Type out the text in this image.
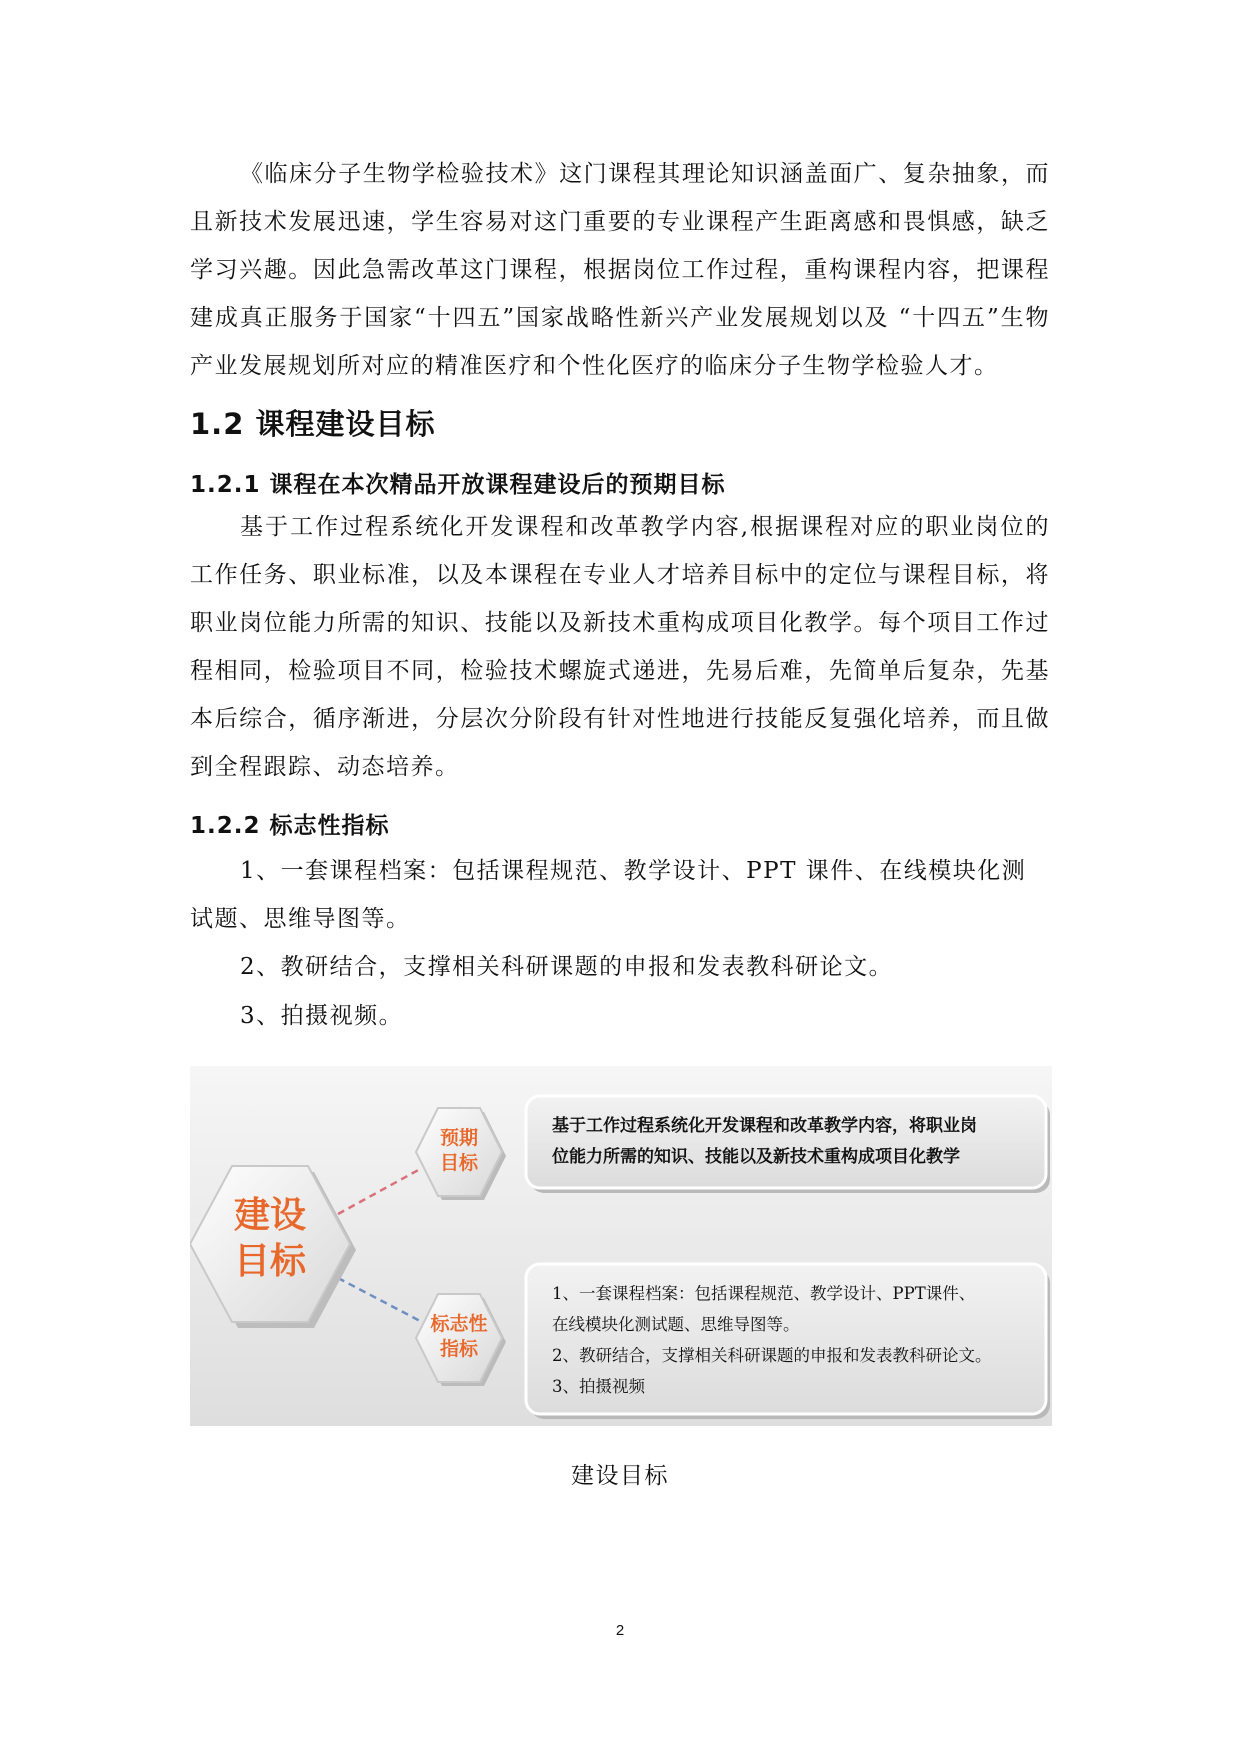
《临床分子生物学检验技术》这门课程其理论知识涵盖面广、复杂抽象，而且新技术发展迅速，学生容易对这门重要的专业课程产生距离感和畏惧感，缺乏学习兴趣。因此急需改革这门课程，根据岗位工作过程，重构课程内容，把课程建成真正服务于国家“十四五”国家战略性新兴产业发展规划以及 “十四五”生物产业发展规划所对应的精准医疗和个性化医疗的临床分子生物学检验人才。

1.2 课程建设目标
1.2.1 课程在本次精品开放课程建设后的预期目标

基于工作过程系统化开发课程和改革教学内容,根据课程对应的职业岗位的工作任务、职业标准，以及本课程在专业人才培养目标中的定位与课程目标，将职业岗位能力所需的知识、技能以及新技术重构成项目化教学。每个项目工作过程相同，检验项目不同，检验技术螺旋式递进，先易后难，先简单后复杂，先基本后综合，循序渐进，分层次分阶段有针对性地进行技能反复强化培养，而且做到全程跟踪、动态培养。

1.2.2 标志性指标

1、一套课程档案：包括课程规范、教学设计、PPT 课件、在线模块化测试题、思维导图等。

2、教研结合，支撑相关科研课题的申报和发表教科研论文。

3、拍摄视频。

建设
目标
预期
目标
标志性
指标
基于工作过程系统化开发课程和改革教学内容，将职业岗
位能力所需的知识、技能以及新技术重构成项目化教学
1、一套课程档案：包括课程规范、教学设计、PPT课件、
在线模块化测试题、思维导图等。
2、教研结合，支撑相关科研课题的申报和发表教科研论文。
3、拍摄视频

建设目标

2
